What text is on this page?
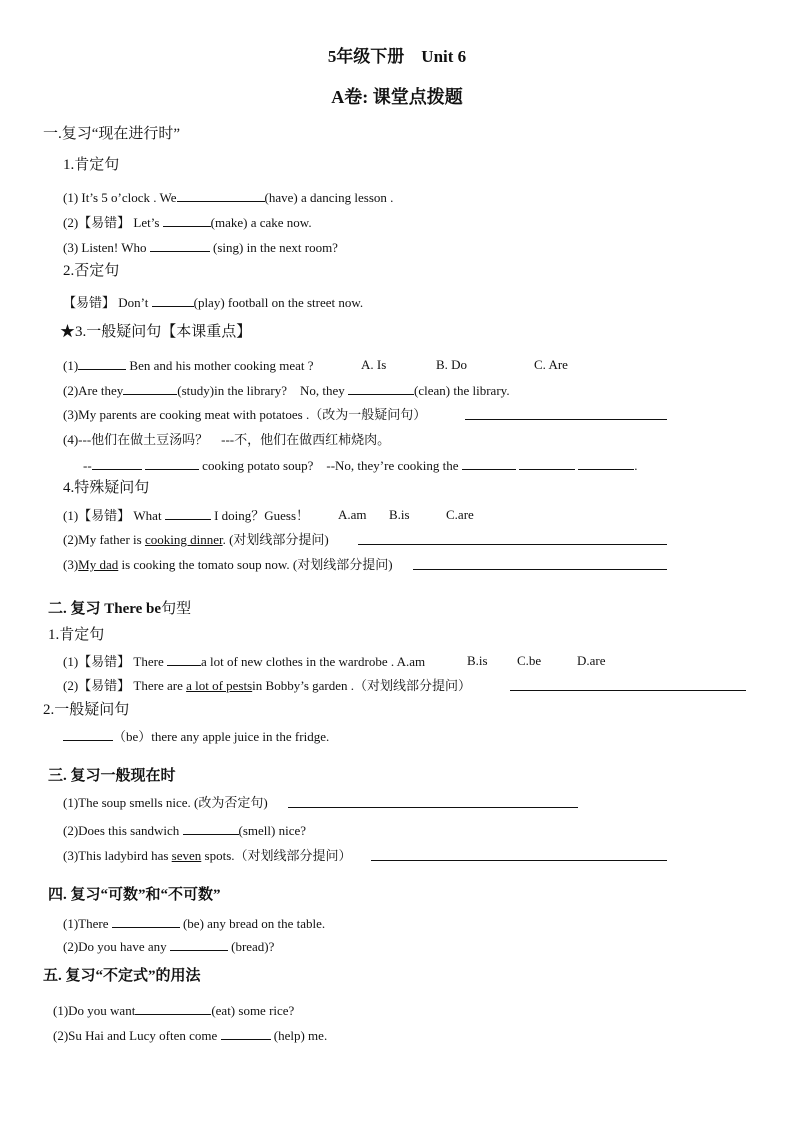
5年级下册　Unit 6
A卷: 课堂点拨题
一.复习“现在进行时”
1.肯定句
(1) It’s 5 o’clock . We	(have) a dancing lesson .
(2)【易错】 Let’s	(make) a cake now.
(3) Listen! Who	(sing) in the next room?
2.否定句
【易错】 Don’t	(play) football on the street now.
★3.一般疑问句【本课重点】
(1)	Ben and his mother cooking meat ?	A. Is	B. Do	C. Are
(2)Are they	(study)in the library?　No, they	(clean) the library.
(3)My parents are cooking meat with potatoes .（改为一般疑问句）
(4)---他们在做土豆汤吗？　---不，他们在做西红柿烧肉。
--	cooking potato soup?　--No, they’re cooking the	.
4.特殊疑问句
(1)【易错】 What	I doing？Guess！ A.am B.is	C.are
(2)My father is cooking dinner. (对划线部分提问)
(3)My dad is cooking the tomato soup now. (对划线部分提问)
二. 复习 There be句型
1.肯定句
(1)【易错】 There	a lot of new clothes in the wardrobe . A.am	B.is C.be	D.are
(2)【易错】 There are a lot of pestsin Bobby’s garden .（对划线部分提问）
2.一般疑问句
（be）there any apple juice in the fridge.
三. 复习一般现在时
(1)The soup smells nice. (改为否定句)
(2)Does this sandwich	(smell) nice?
(3)This ladybird has seven spots.（对划线部分提问）
四. 复习“可数”和“不可数”
(1)There	(be) any bread on the table.
(2)Do you have any	(bread)?
五. 复习“不定式”的用法
(1)Do you want	(eat) some rice?
(2)Su Hai and Lucy often come	(help) me.
